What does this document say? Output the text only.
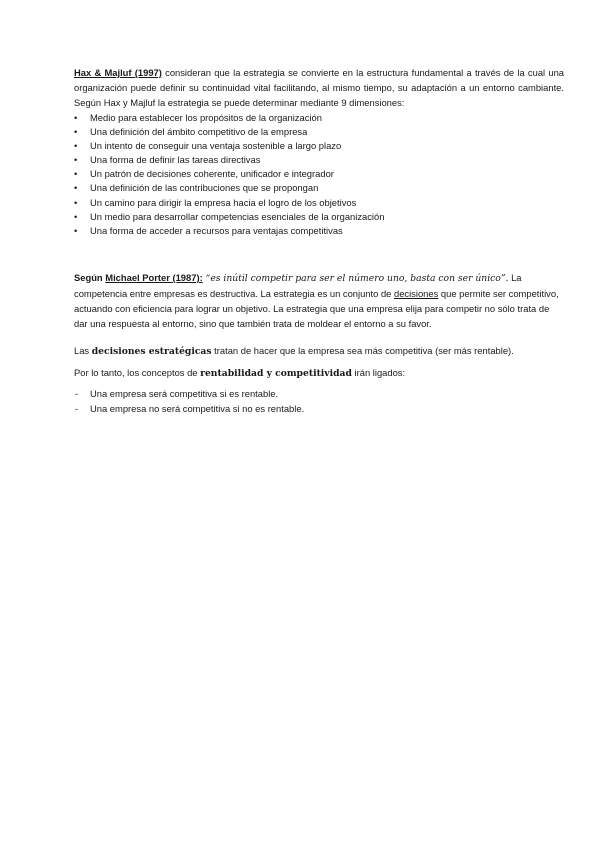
Hax & Majluf (1997) consideran que la estrategia se convierte en la estructura fundamental a través de la cual una organización puede definir su continuidad vital facilitando, al mismo tiempo, su adaptación a un entorno cambiante. Según Hax y Majluf la estrategia se puede determinar mediante 9 dimensiones:

• Medio para establecer los propósitos de la organización
• Una definición del ámbito competitivo de la empresa
• Un intento de conseguir una ventaja sostenible a largo plazo
• Una forma de definir las tareas directivas
• Un patrón de decisiones coherente, unificador e integrador
• Una definición de las contribuciones que se propongan
• Un camino para dirigir la empresa hacia el logro de los objetivos
• Un medio para desarrollar competencias esenciales de la organización
• Una forma de acceder a recursos para ventajas competitivas

Según Michael Porter (1987): “es inútil competir para ser el número uno, basta con ser único”. La competencia entre empresas es destructiva. La estrategia es un conjunto de decisiones que permite ser competitivo, actuando con eficiencia para lograr un objetivo. La estrategia que una empresa elija para competir no sólo trata de dar una respuesta al entorno, sino que también trata de moldear el entorno a su favor.

Las decisiones estratégicas tratan de hacer que la empresa sea más competitiva (ser más rentable).

Por lo tanto, los conceptos de rentabilidad y competitividad irán ligados:

- Una empresa será competitiva si es rentable.
- Una empresa no será competitiva si no es rentable.
